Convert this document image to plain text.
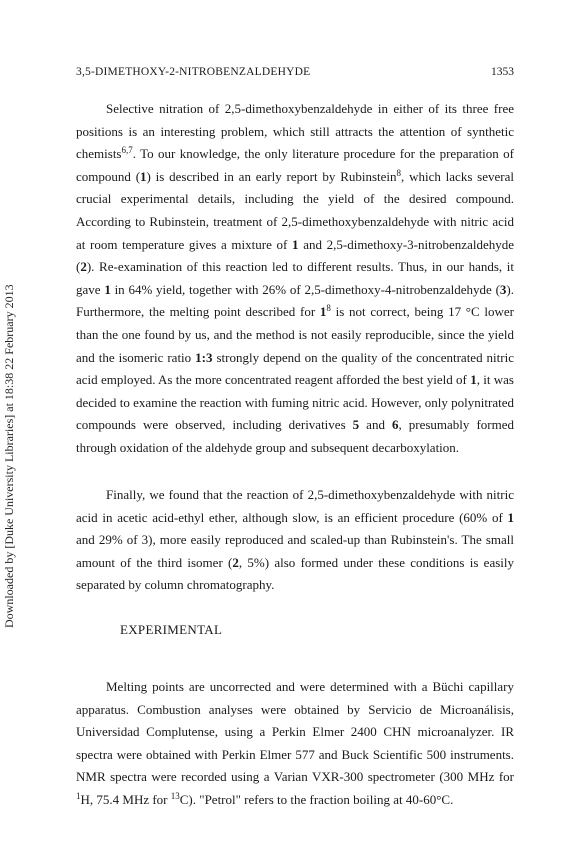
3,5-DIMETHOXY-2-NITROBENZALDEHYDE	1353
Downloaded by [Duke University Libraries] at 18:38 22 February 2013

Selective nitration of 2,5-dimethoxybenzaldehyde in either of its three free positions is an interesting problem, which still attracts the attention of synthetic chemists$^{6,7}$. To our knowledge, the only literature procedure for the preparation of compound (1) is described in an early report by Rubinstein$^8$, which lacks several crucial experimental details, including the yield of the desired compound. According to Rubinstein, treatment of 2,5-dimethoxybenzaldehyde with nitric acid at room temperature gives a mixture of 1 and 2,5-dimethoxy-3-nitrobenzaldehyde (2). Re-examination of this reaction led to different results. Thus, in our hands, it gave 1 in 64% yield, together with 26% of 2,5-dimethoxy-4-nitrobenzaldehyde (3). Furthermore, the melting point described for $1^8$ is not correct, being 17 °C lower than the one found by us, and the method is not easily reproducible, since the yield and the isomeric ratio 1:3 strongly depend on the quality of the concentrated nitric acid employed. As the more concentrated reagent afforded the best yield of 1, it was decided to examine the reaction with fuming nitric acid. However, only polynitrated compounds were observed, including derivatives 5 and 6, presumably formed through oxidation of the aldehyde group and subsequent decarboxylation.

Finally, we found that the reaction of 2,5-dimethoxybenzaldehyde with nitric acid in acetic acid-ethyl ether, although slow, is an efficient procedure (60% of 1 and 29% of 3), more easily reproduced and scaled-up than Rubinstein's. The small amount of the third isomer (2, 5%) also formed under these conditions is easily separated by column chromatography.

EXPERIMENTAL

Melting points are uncorrected and were determined with a Büchi capillary apparatus. Combustion analyses were obtained by Servicio de Microanálisis, Universidad Complutense, using a Perkin Elmer 2400 CHN microanalyzer. IR spectra were obtained with Perkin Elmer 577 and Buck Scientific 500 instruments. NMR spectra were recorded using a Varian VXR-300 spectrometer (300 MHz for $^1$H, 75.4 MHz for $^{13}$C). "Petrol" refers to the fraction boiling at 40-60°C.
